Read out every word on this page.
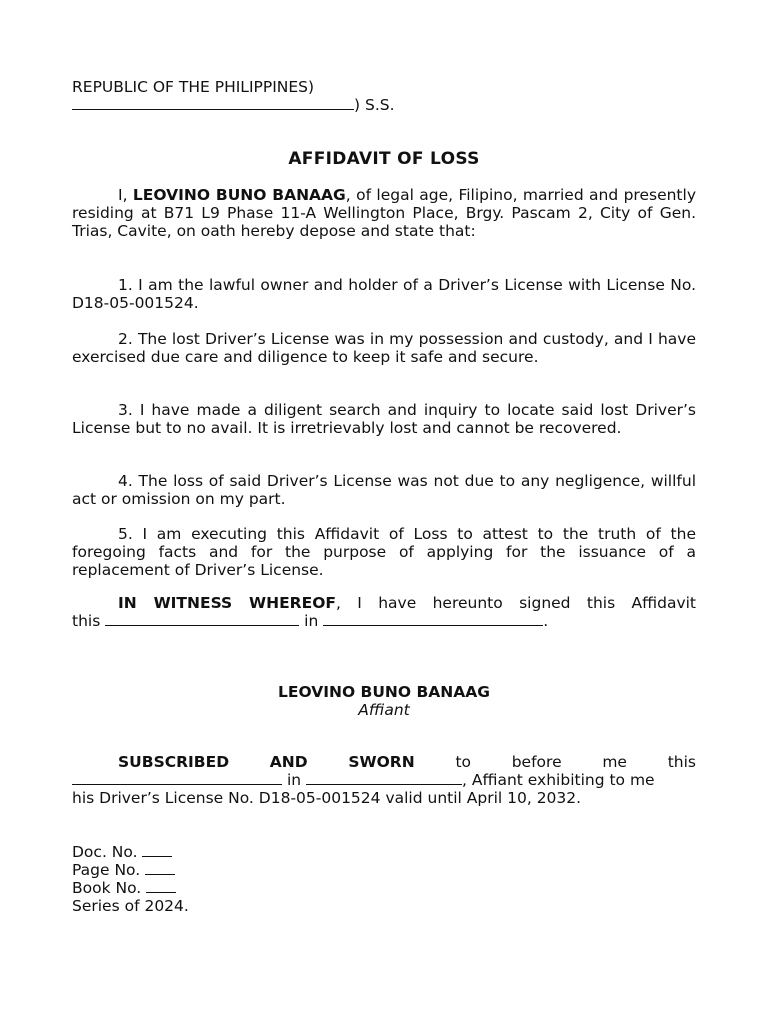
REPUBLIC OF THE PHILIPPINES)
) S.S.
AFFIDAVIT OF LOSS

I, LEOVINO BUNO BANAAG, of legal age, Filipino, married and presently residing at B71 L9 Phase 11-A Wellington Place, Brgy. Pascam 2, City of Gen. Trias, Cavite, on oath hereby depose and state that:

1. I am the lawful owner and holder of a Driver’s License with License No. D18-05-001524.

2. The lost Driver’s License was in my possession and custody, and I have exercised due care and diligence to keep it safe and secure.

3. I have made a diligent search and inquiry to locate said lost Driver’s License but to no avail. It is irretrievably lost and cannot be recovered.

4. The loss of said Driver’s License was not due to any negligence, willful act or omission on my part.

5. I am executing this Affidavit of Loss to attest to the truth of the foregoing facts and for the purpose of applying for the issuance of a replacement of Driver’s License.

IN WITNESS WHEREOF, I have hereunto signed this Affidavit
this	in	.
LEOVINO BUNO BANAAG
Affiant
SUBSCRIBED	AND	SWORN	to	before	me	this
in	, Affiant exhibiting to me
his Driver’s License No. D18-05-001524 valid until April 10, 2032.
Doc. No.
Page No.
Book No.
Series of 2024.
